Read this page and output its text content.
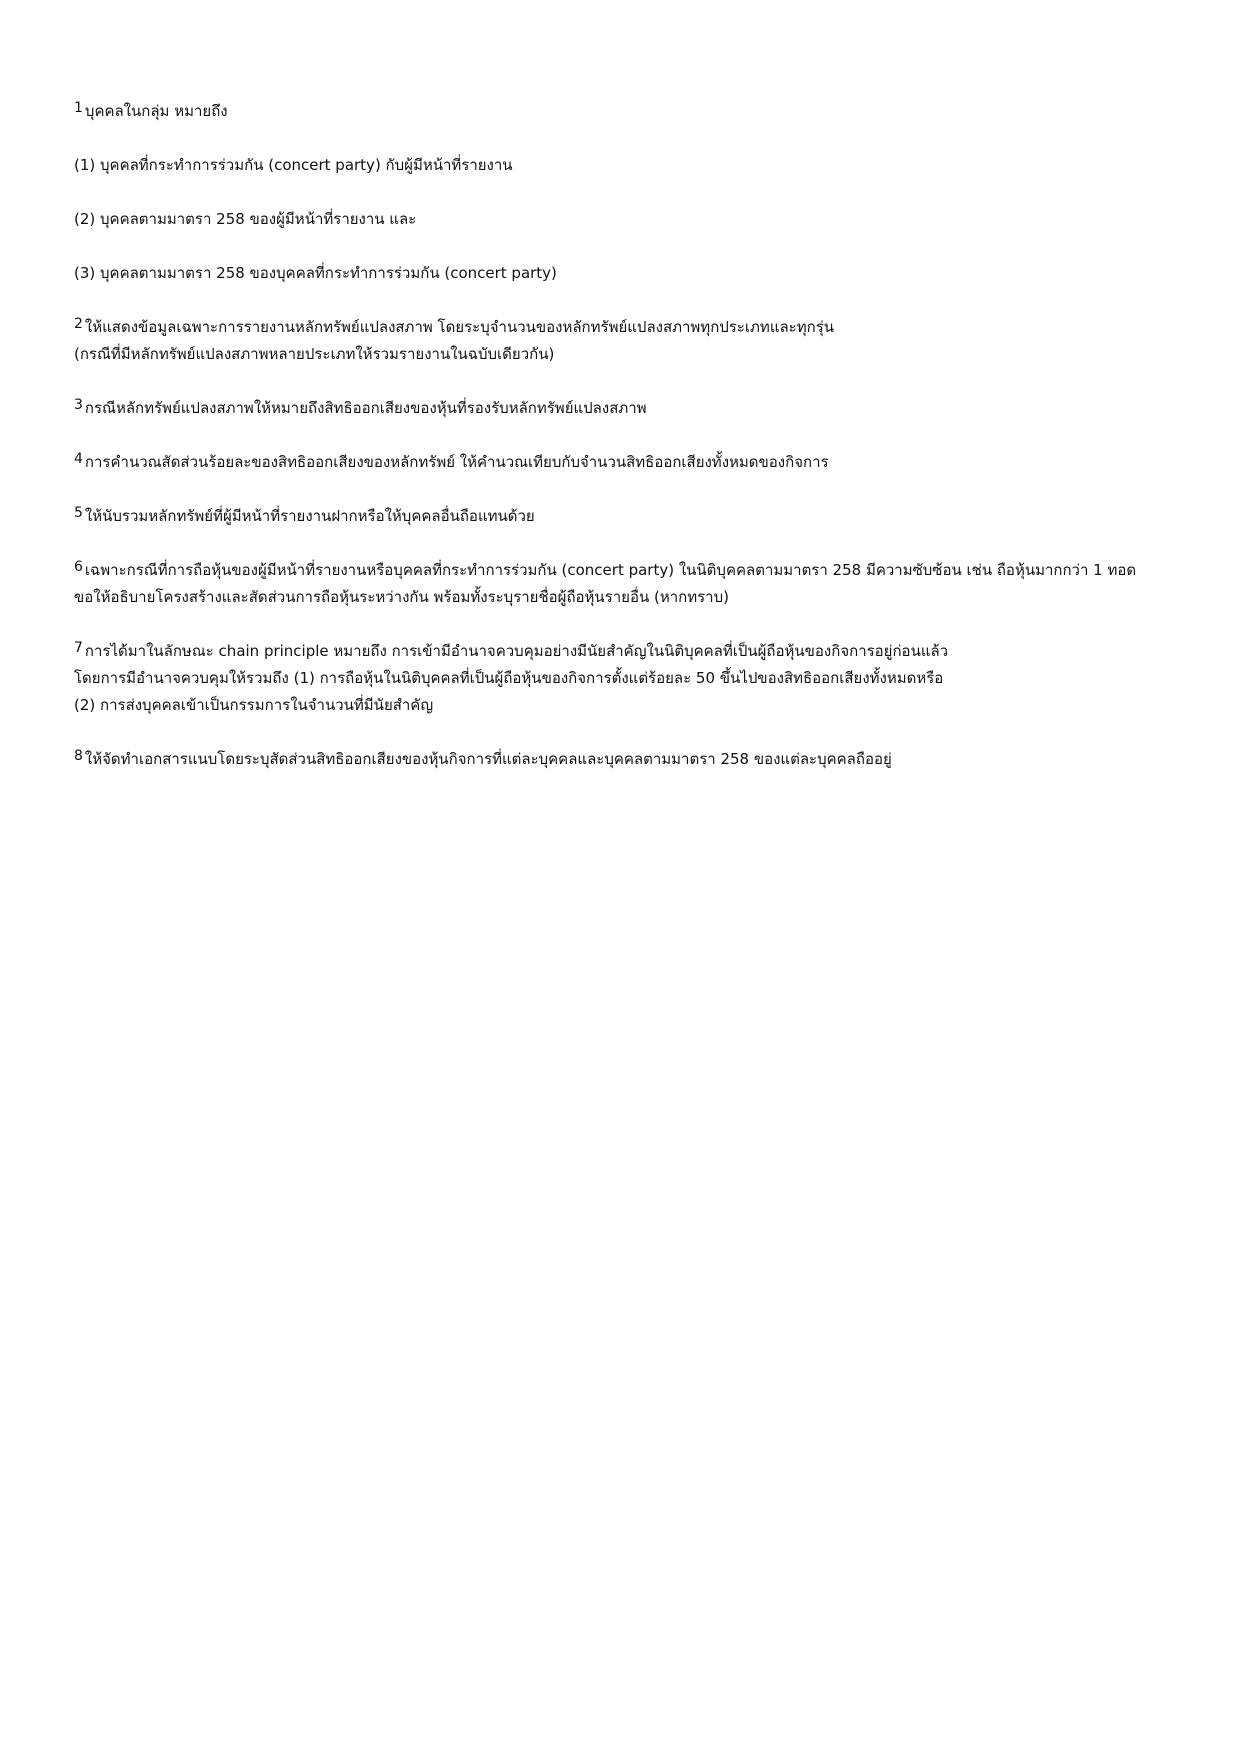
$^1$ บุคคลในกลุ่ม หมายถึง
(1) บุคคลที่กระทำการร่วมกัน (concert party) กับผู้มีหน้าที่รายงาน
(2) บุคคลตามมาตรา 258 ของผู้มีหน้าที่รายงาน และ
(3) บุคคลตามมาตรา 258 ของบุคคลที่กระทำการร่วมกัน (concert party)
$^2$ ให้แสดงข้อมูลเฉพาะการรายงานหลักทรัพย์แปลงสภาพ โดยระบุจำนวนของหลักทรัพย์แปลงสภาพทุกประเภทและทุกรุ่น
(กรณีที่มีหลักทรัพย์แปลงสภาพหลายประเภทให้รวมรายงานในฉบับเดียวกัน)
$^3$ กรณีหลักทรัพย์แปลงสภาพให้หมายถึงสิทธิออกเสียงของหุ้นที่รองรับหลักทรัพย์แปลงสภาพ
$^4$ การคำนวณสัดส่วนร้อยละของสิทธิออกเสียงของหลักทรัพย์ ให้คำนวณเทียบกับจำนวนสิทธิออกเสียงทั้งหมดของกิจการ
$^5$ ให้นับรวมหลักทรัพย์ที่ผู้มีหน้าที่รายงานฝากหรือให้บุคคลอื่นถือแทนด้วย
$^6$ เฉพาะกรณีที่การถือหุ้นของผู้มีหน้าที่รายงานหรือบุคคลที่กระทำการร่วมกัน (concert party) ในนิติบุคคลตามมาตรา 258 มีความซับซ้อน เช่น ถือหุ้นมากกว่า 1 ทอด
ขอให้อธิบายโครงสร้างและสัดส่วนการถือหุ้นระหว่างกัน พร้อมทั้งระบุรายชื่อผู้ถือหุ้นรายอื่น (หากทราบ)
$^7$ การได้มาในลักษณะ chain principle หมายถึง การเข้ามีอำนาจควบคุมอย่างมีนัยสำคัญในนิติบุคคลที่เป็นผู้ถือหุ้นของกิจการอยู่ก่อนแล้ว
โดยการมีอำนาจควบคุมให้รวมถึง (1) การถือหุ้นในนิติบุคคลที่เป็นผู้ถือหุ้นของกิจการตั้งแต่ร้อยละ 50 ขึ้นไปของสิทธิออกเสียงทั้งหมดหรือ
(2) การส่งบุคคลเข้าเป็นกรรมการในจำนวนที่มีนัยสำคัญ
$^8$ ให้จัดทำเอกสารแนบโดยระบุสัดส่วนสิทธิออกเสียงของหุ้นกิจการที่แต่ละบุคคลและบุคคลตามมาตรา 258 ของแต่ละบุคคลถืออยู่
